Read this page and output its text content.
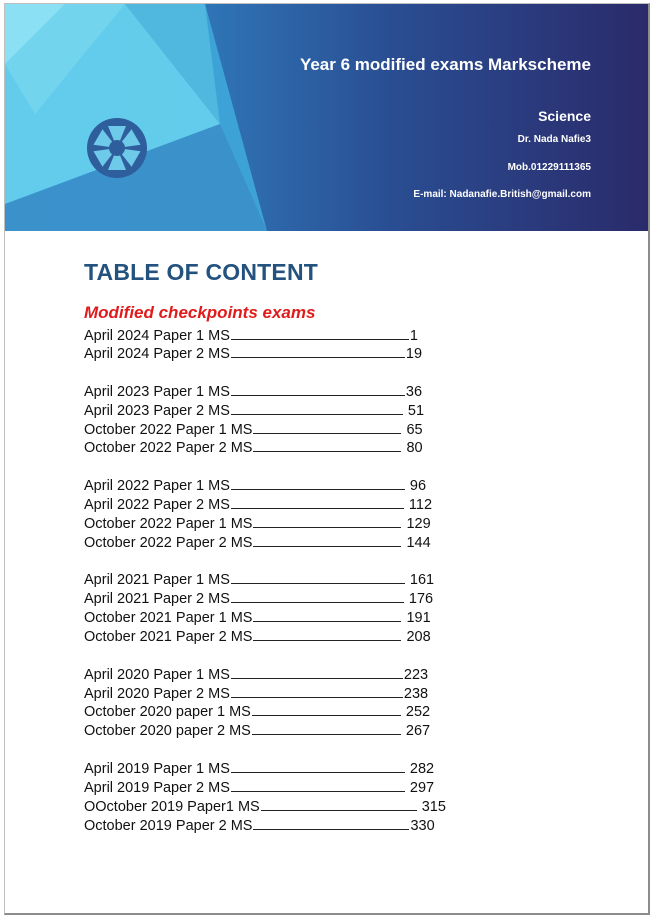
Year 6 modified exams Markscheme
Science
Dr. Nada Nafie3
Mob.01229111365
E-mail: Nadanafie.British@gmail.com
TABLE OF CONTENT
Modified checkpoints exams
April 2024 Paper 1 MS	1
April 2024 Paper 2 MS	19
April 2023 Paper 1 MS	36
April 2023 Paper 2 MS	51
October 2022 Paper 1 MS	65
October 2022 Paper 2 MS	80
April 2022 Paper 1 MS	96
April 2022 Paper 2 MS	112
October 2022 Paper 1 MS	129
October 2022 Paper 2 MS	144
April 2021 Paper 1 MS	161
April 2021 Paper 2 MS	176
October 2021 Paper 1 MS	191
October 2021 Paper 2 MS	208
April 2020 Paper 1 MS	223
April 2020 Paper 2 MS	238
October 2020 paper 1 MS	252
October 2020 paper 2 MS	267
April 2019 Paper 1 MS	282
April 2019 Paper 2 MS	297
OOctober 2019 Paper1 MS	315
October 2019 Paper 2 MS	330
